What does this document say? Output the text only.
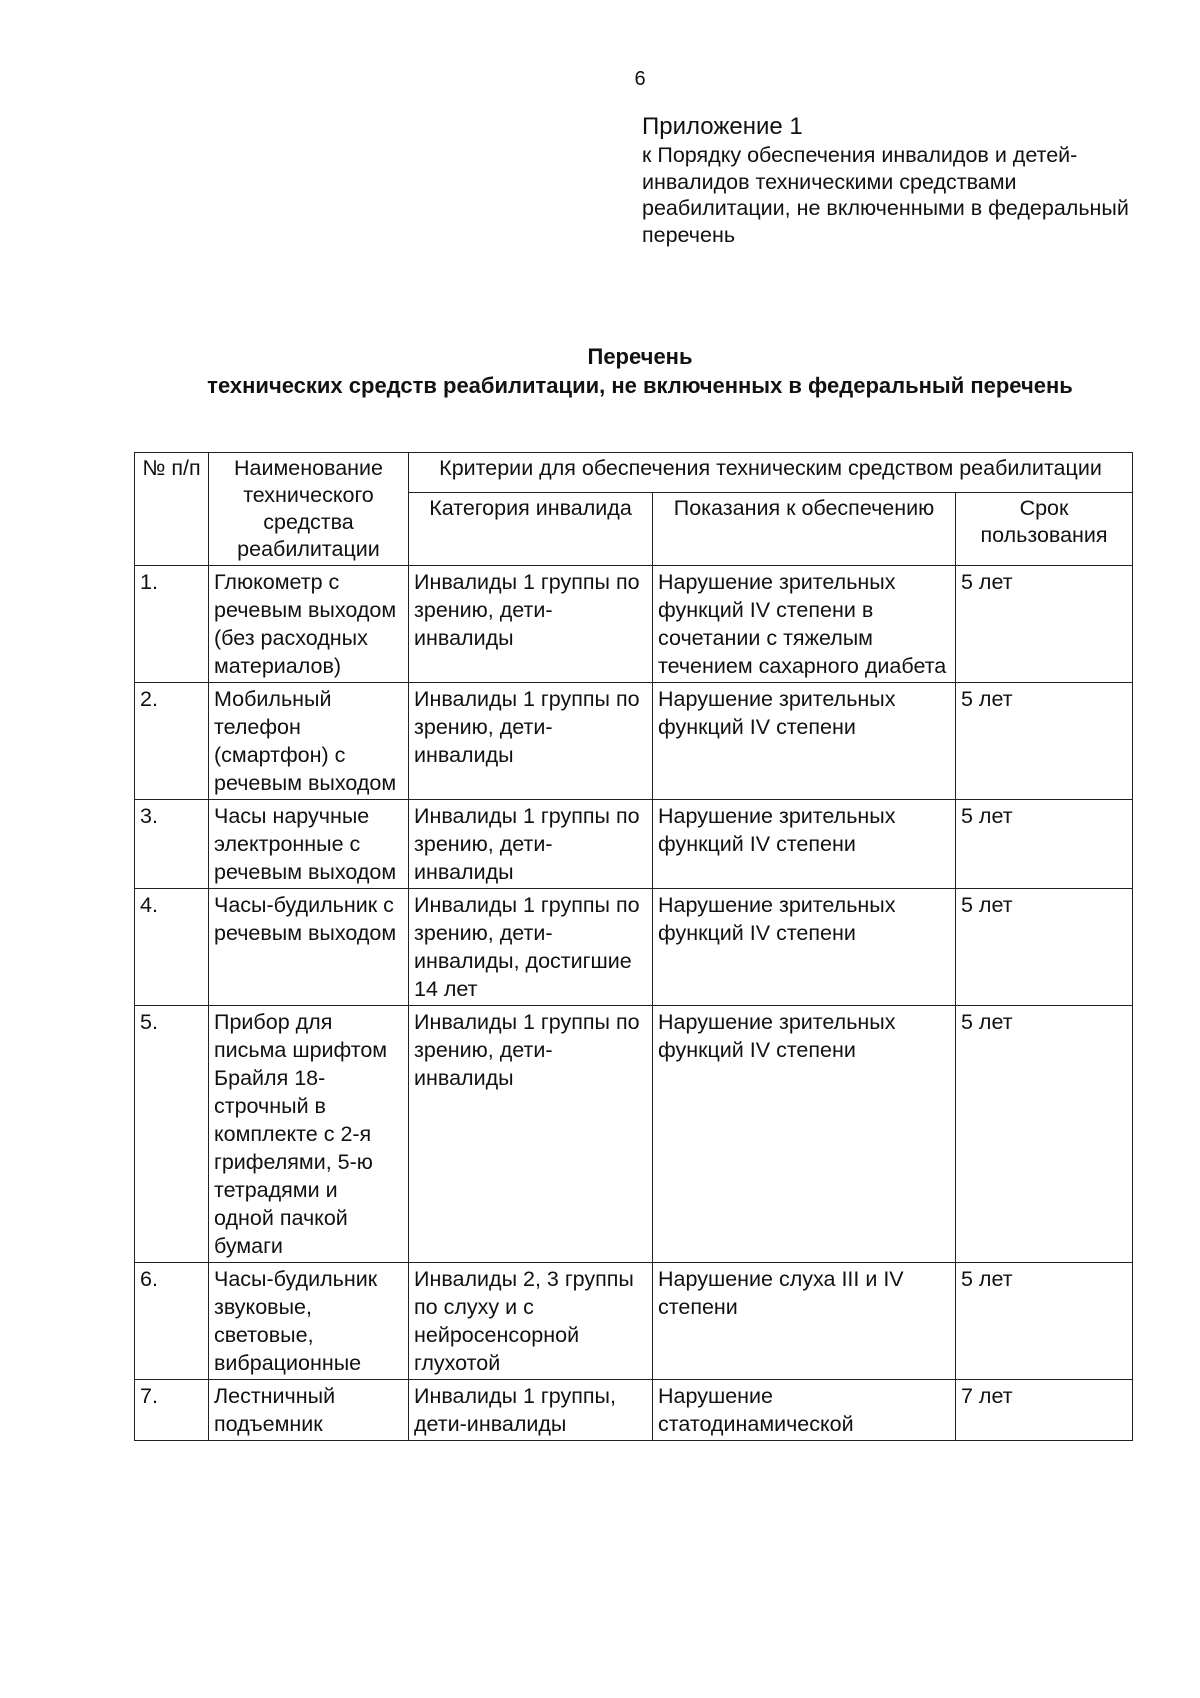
6
Приложение 1
к Порядку обеспечения инвалидов и детей-инвалидов техническими средствами реабилитации, не включенными в федеральный перечень
Перечень
технических средств реабилитации, не включенных в федеральный перечень
№ п/п	Наименование технического средства реабилитации	Критерии для обеспечения техническим средством реабилитации		
		Категория инвалида	Показания к обеспечению	Срок пользования
1.	Глюкометр с речевым выходом (без расходных материалов)	Инвалиды 1 группы по зрению, дети-инвалиды	Нарушение зрительных функций IV степени в сочетании с тяжелым течением сахарного диабета	5 лет
2.	Мобильный телефон (смартфон) с речевым выходом	Инвалиды 1 группы по зрению, дети-инвалиды	Нарушение зрительных функций IV степени	5 лет
3.	Часы наручные электронные с речевым выходом	Инвалиды 1 группы по зрению, дети-инвалиды	Нарушение зрительных функций IV степени	5 лет
4.	Часы-будильник с речевым выходом	Инвалиды 1 группы по зрению, дети-инвалиды, достигшие 14 лет	Нарушение зрительных функций IV степени	5 лет
5.	Прибор для письма шрифтом Брайля 18-строчный в комплекте с 2-я грифелями, 5-ю тетрадями и одной пачкой бумаги	Инвалиды 1 группы по зрению, дети-инвалиды	Нарушение зрительных функций IV степени	5 лет
6.	Часы-будильник звуковые, световые, вибрационные	Инвалиды 2, 3 группы по слуху и с нейросенсорной глухотой	Нарушение слуха III и IV степени	5 лет
7.	Лестничный подъемник	Инвалиды 1 группы, дети-инвалиды	Нарушение статодинамической	7 лет
